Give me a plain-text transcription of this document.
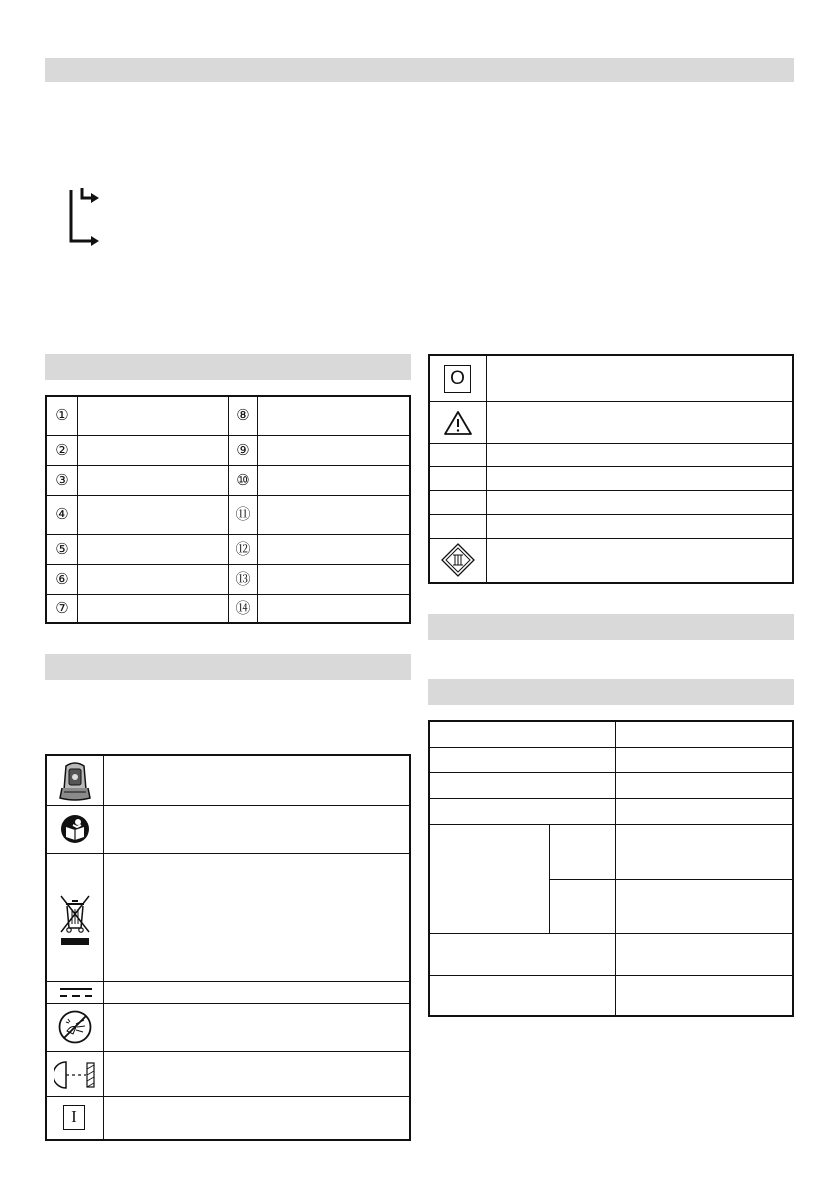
①
②
③
④
⑤
⑥
⑦
⑧
⑨
⑩
⑪
⑫
⑬
⑭
I
O
